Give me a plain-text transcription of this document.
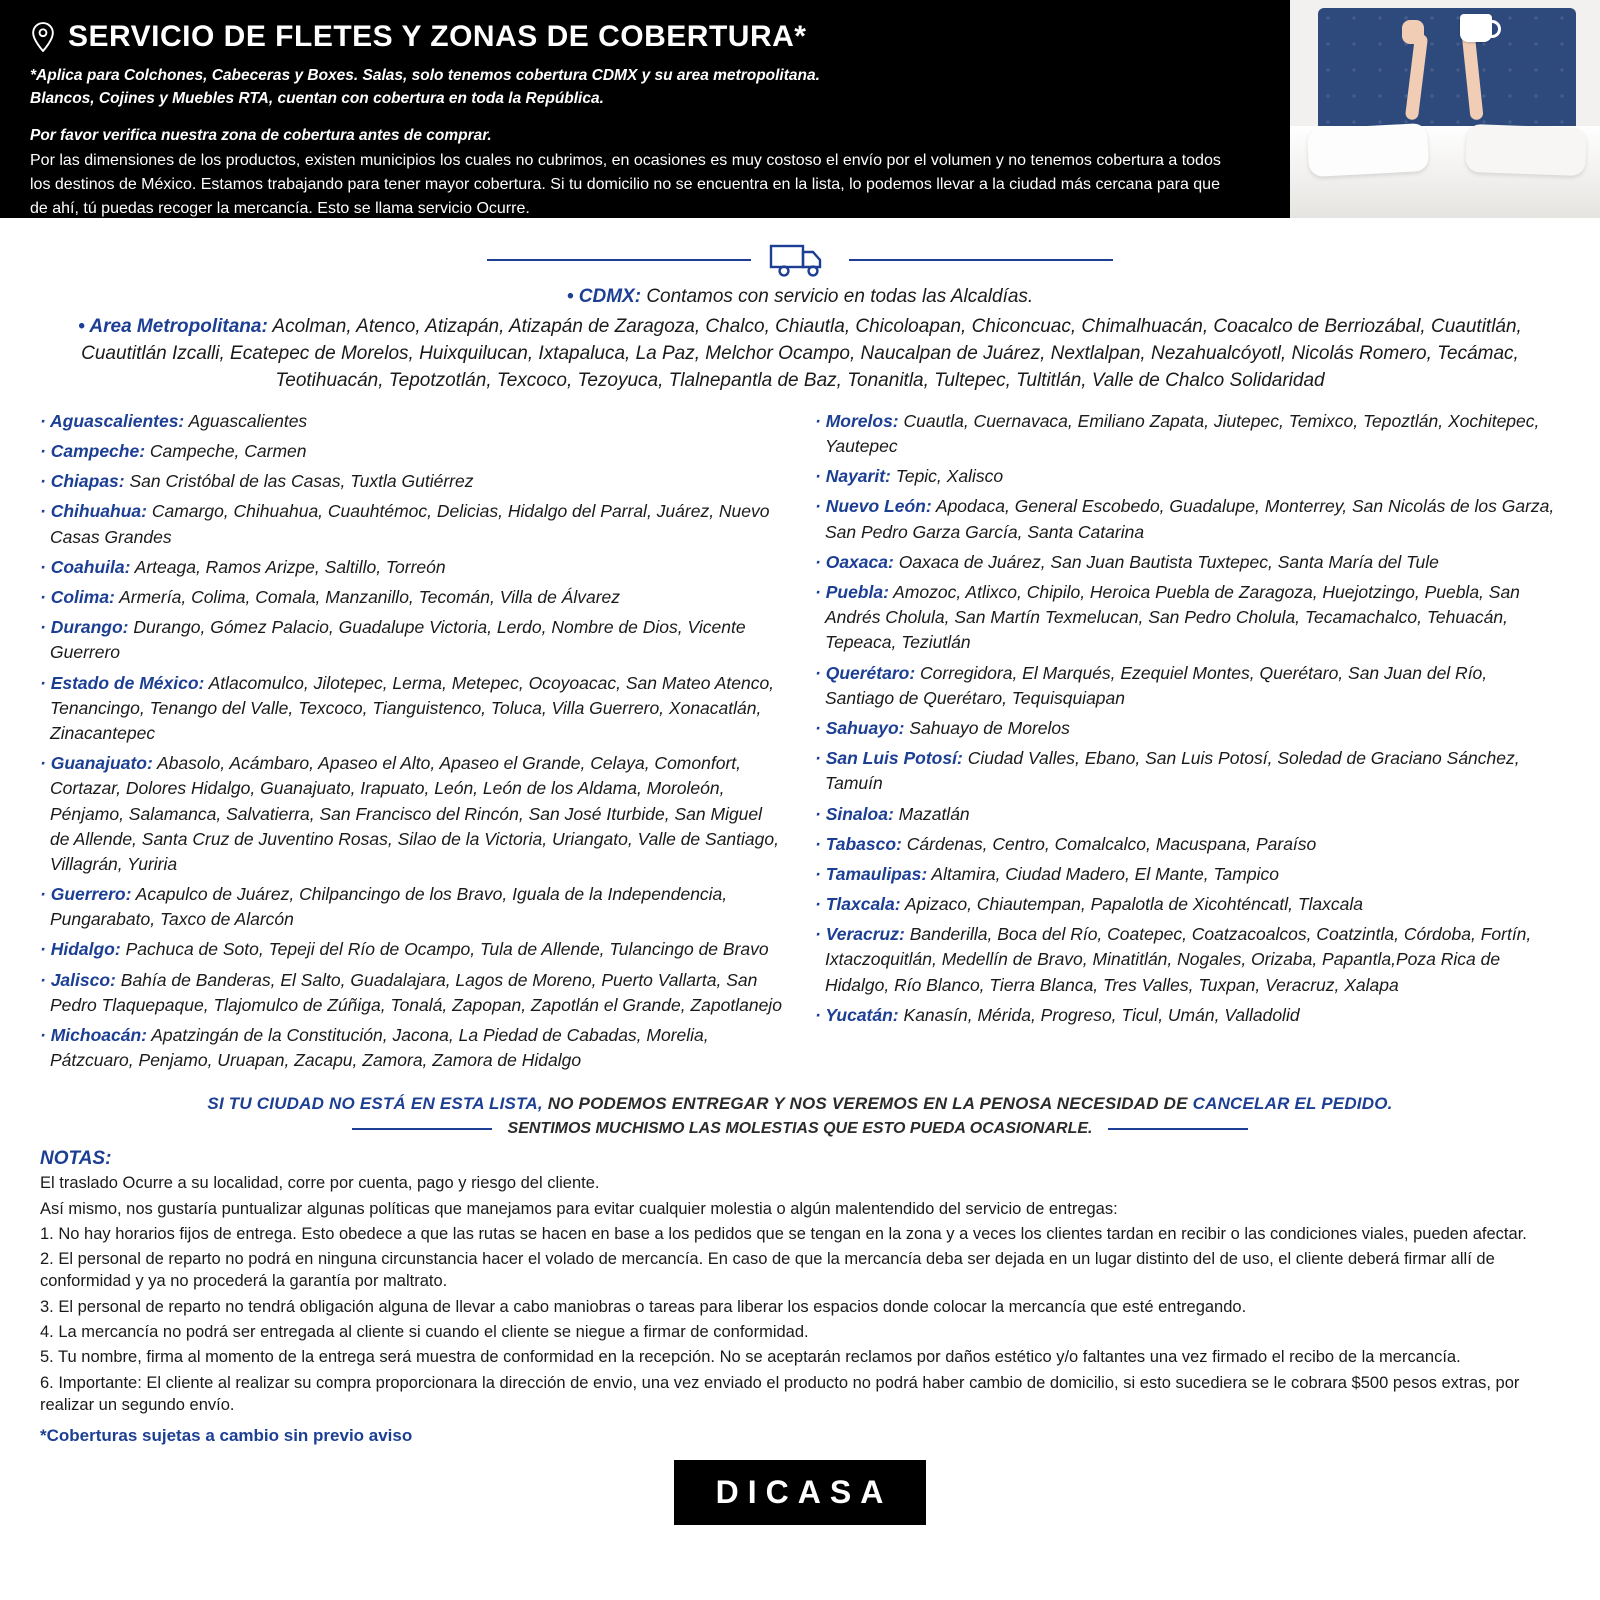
SERVICIO DE FLETES Y ZONAS DE COBERTURA*
*Aplica para Colchones, Cabeceras y Boxes. Salas, solo tenemos cobertura CDMX y su area metropolitana.
Blancos, Cojines y Muebles RTA, cuentan con cobertura en toda la República.
Por favor verifica nuestra zona de cobertura antes de comprar.
Por las dimensiones de los productos, existen municipios los cuales no cubrimos, en ocasiones es muy costoso el envío por el volumen y no tenemos cobertura a todos los destinos de México. Estamos trabajando para tener mayor cobertura. Si tu domicilio no se encuentra en la lista, lo podemos llevar a la ciudad más cercana para que de ahí, tú puedas recoger la mercancía. Esto se llama servicio Ocurre.
• CDMX: Contamos con servicio en todas las Alcaldías.
• Area Metropolitana: Acolman, Atenco, Atizapán, Atizapán de Zaragoza, Chalco, Chiautla, Chicoloapan, Chiconcuac, Chimalhuacán, Coacalco de Berriozábal, Cuautitlán, Cuautitlán Izcalli, Ecatepec de Morelos, Huixquilucan, Ixtapaluca, La Paz, Melchor Ocampo, Naucalpan de Juárez, Nextlalpan, Nezahualcóyotl, Nicolás Romero, Tecámac, Teotihuacán, Tepotzotlán, Texcoco, Tezoyuca, Tlalnepantla de Baz, Tonanitla, Tultepec, Tultitlán, Valle de Chalco Solidaridad
· Aguascalientes: Aguascalientes
· Campeche: Campeche, Carmen
· Chiapas: San Cristóbal de las Casas, Tuxtla Gutiérrez
· Chihuahua: Camargo, Chihuahua, Cuauhtémoc, Delicias, Hidalgo del Parral, Juárez, Nuevo Casas Grandes
· Coahuila: Arteaga, Ramos Arizpe, Saltillo, Torreón
· Colima: Armería, Colima, Comala, Manzanillo, Tecomán, Villa de Álvarez
· Durango: Durango, Gómez Palacio, Guadalupe Victoria, Lerdo, Nombre de Dios, Vicente Guerrero
· Estado de México: Atlacomulco, Jilotepec, Lerma, Metepec, Ocoyoacac, San Mateo Atenco, Tenancingo, Tenango del Valle, Texcoco, Tianguistenco, Toluca, Villa Guerrero, Xonacatlán, Zinacantepec
· Guanajuato: Abasolo, Acámbaro, Apaseo el Alto, Apaseo el Grande, Celaya, Comonfort, Cortazar, Dolores Hidalgo, Guanajuato, Irapuato, León, León de los Aldama, Moroleón, Pénjamo, Salamanca, Salvatierra, San Francisco del Rincón, San José Iturbide, San Miguel de Allende, Santa Cruz de Juventino Rosas, Silao de la Victoria, Uriangato, Valle de Santiago, Villagrán, Yuriria
· Guerrero: Acapulco de Juárez, Chilpancingo de los Bravo, Iguala de la Independencia, Pungarabato, Taxco de Alarcón
· Hidalgo: Pachuca de Soto, Tepeji del Río de Ocampo, Tula de Allende, Tulancingo de Bravo
· Jalisco: Bahía de Banderas, El Salto, Guadalajara, Lagos de Moreno, Puerto Vallarta, San Pedro Tlaquepaque, Tlajomulco de Zúñiga, Tonalá, Zapopan, Zapotlán el Grande, Zapotlanejo
· Michoacán: Apatzingán de la Constitución, Jacona, La Piedad de Cabadas, Morelia, Pátzcuaro, Penjamo, Uruapan, Zacapu, Zamora, Zamora de Hidalgo
· Morelos: Cuautla, Cuernavaca, Emiliano Zapata, Jiutepec, Temixco, Tepoztlán, Xochitepec, Yautepec
· Nayarit: Tepic, Xalisco
· Nuevo León: Apodaca, General Escobedo, Guadalupe, Monterrey, San Nicolás de los Garza, San Pedro Garza García, Santa Catarina
· Oaxaca: Oaxaca de Juárez, San Juan Bautista Tuxtepec, Santa María del Tule
· Puebla: Amozoc, Atlixco, Chipilo, Heroica Puebla de Zaragoza, Huejotzingo, Puebla, San Andrés Cholula, San Martín Texmelucan, San Pedro Cholula, Tecamachalco, Tehuacán, Tepeaca, Teziutlán
· Querétaro: Corregidora, El Marqués, Ezequiel Montes, Querétaro, San Juan del Río, Santiago de Querétaro, Tequisquiapan
· Sahuayo: Sahuayo de Morelos
· San Luis Potosí: Ciudad Valles, Ebano, San Luis Potosí, Soledad de Graciano Sánchez, Tamuín
· Sinaloa: Mazatlán
· Tabasco: Cárdenas, Centro, Comalcalco, Macuspana, Paraíso
· Tamaulipas: Altamira, Ciudad Madero, El Mante, Tampico
· Tlaxcala: Apizaco, Chiautempan, Papalotla de Xicohténcatl, Tlaxcala
· Veracruz: Banderilla, Boca del Río, Coatepec, Coatzacoalcos, Coatzintla, Córdoba, Fortín, Ixtaczoquitlán, Medellín de Bravo, Minatitlán, Nogales, Orizaba, Papantla,Poza Rica de Hidalgo, Río Blanco, Tierra Blanca, Tres Valles, Tuxpan, Veracruz, Xalapa
· Yucatán: Kanasín, Mérida, Progreso, Ticul, Umán, Valladolid
SI TU CIUDAD NO ESTÁ EN ESTA LISTA, NO PODEMOS ENTREGAR Y NOS VEREMOS EN LA PENOSA NECESIDAD DE CANCELAR EL PEDIDO.
SENTIMOS MUCHISMO LAS MOLESTIAS QUE ESTO PUEDA OCASIONARLE.
NOTAS:
El traslado Ocurre a su localidad, corre por cuenta, pago y riesgo del cliente.
Así mismo, nos gustaría puntualizar algunas políticas que manejamos para evitar cualquier molestia o algún malentendido del servicio de entregas:
1. No hay horarios fijos de entrega. Esto obedece a que las rutas se hacen en base a los pedidos que se tengan en la zona y a veces los clientes tardan en recibir o las condiciones viales, pueden afectar.
2. El personal de reparto no podrá en ninguna circunstancia hacer el volado de mercancía. En caso de que la mercancía deba ser dejada en un lugar distinto del de uso, el cliente deberá firmar allí de conformidad y ya no procederá la garantía por maltrato.
3. El personal de reparto no tendrá obligación alguna de llevar a cabo maniobras o tareas para liberar los espacios donde colocar la mercancía que esté entregando.
4. La mercancía no podrá ser entregada al cliente si cuando el cliente se niegue a firmar de conformidad.
5. Tu nombre, firma al momento de la entrega será muestra de conformidad en la recepción. No se aceptarán reclamos por daños estético y/o faltantes una vez firmado el recibo de la mercancía.
6. Importante: El cliente al realizar su compra proporcionara la dirección de envio, una vez enviado el producto no podrá haber cambio de domicilio, si esto sucediera se le cobrara $500 pesos extras, por realizar un segundo envío.
*Coberturas sujetas a cambio sin previo aviso
DICASA
